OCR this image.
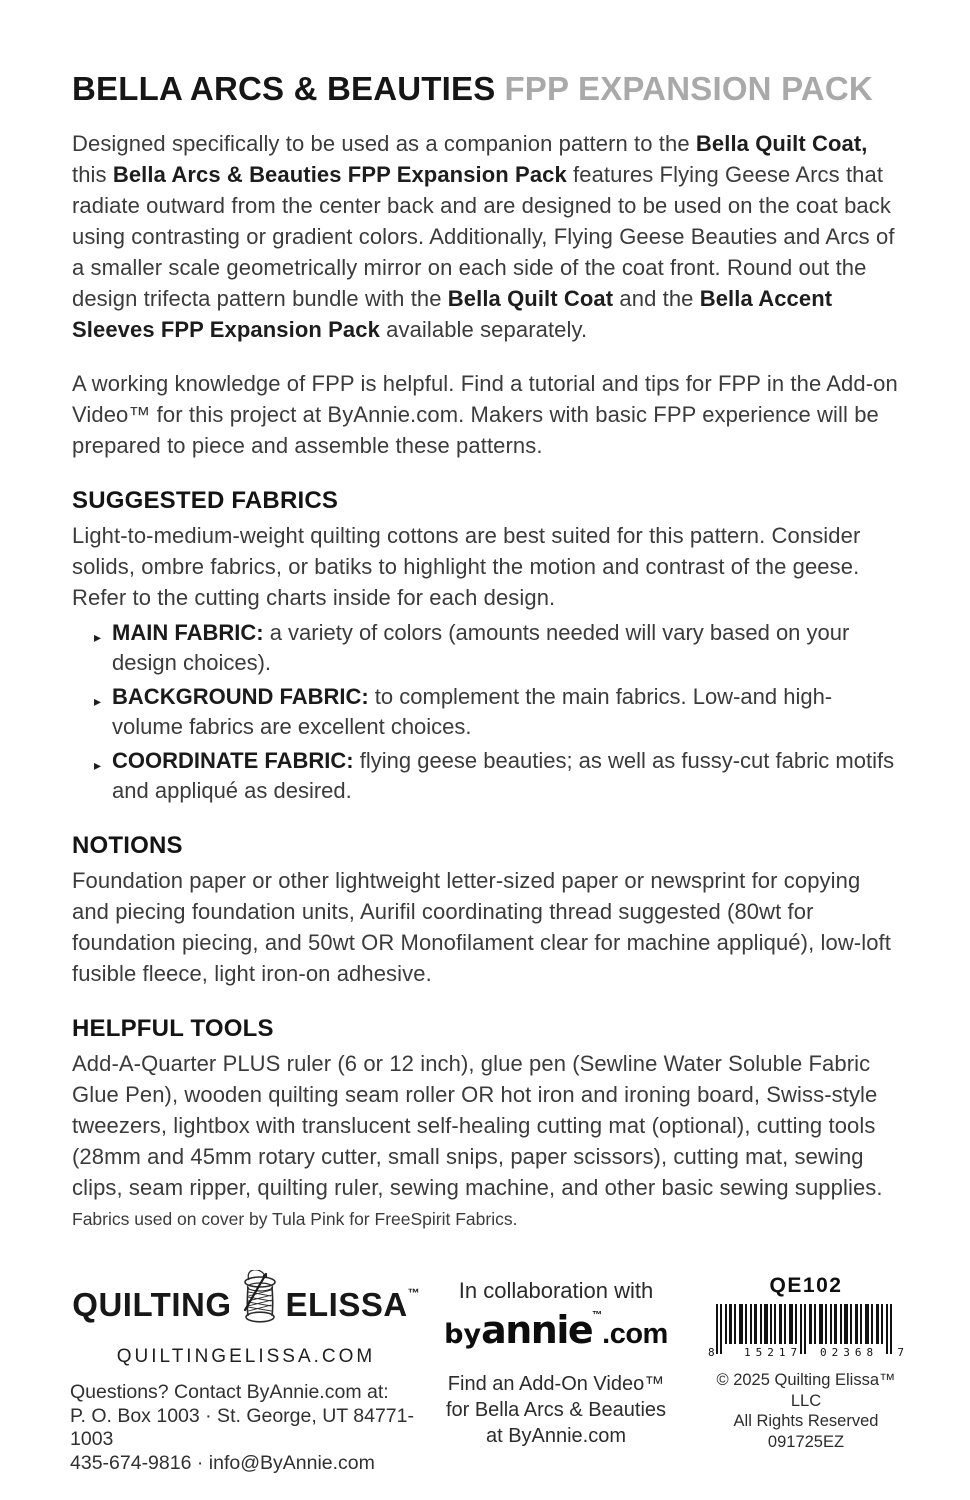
BELLA ARCS & BEAUTIES FPP EXPANSION PACK

Designed specifically to be used as a companion pattern to the Bella Quilt Coat, this Bella Arcs & Beauties FPP Expansion Pack features Flying Geese Arcs that radiate outward from the center back and are designed to be used on the coat back using contrasting or gradient colors. Additionally, Flying Geese Beauties and Arcs of a smaller scale geometrically mirror on each side of the coat front. Round out the design trifecta pattern bundle with the Bella Quilt Coat and the Bella Accent Sleeves FPP Expansion Pack available separately.

A working knowledge of FPP is helpful. Find a tutorial and tips for FPP in the Add-on Video™ for this project at ByAnnie.com. Makers with basic FPP experience will be prepared to piece and assemble these patterns.

SUGGESTED FABRICS

Light-to-medium-weight quilting cottons are best suited for this pattern. Consider solids, ombre fabrics, or batiks to highlight the motion and contrast of the geese. Refer to the cutting charts inside for each design.

▸ MAIN FABRIC: a variety of colors (amounts needed will vary based on your design choices).
▸ BACKGROUND FABRIC: to complement the main fabrics. Low-and high-volume fabrics are excellent choices.
▸ COORDINATE FABRIC: flying geese beauties; as well as fussy-cut fabric motifs and appliqué as desired.
NOTIONS

Foundation paper or other lightweight letter-sized paper or newsprint for copying and piecing foundation units, Aurifil coordinating thread suggested (80wt for foundation piecing, and 50wt OR Monofilament clear for machine appliqué), low-loft fusible fleece, light iron-on adhesive.

HELPFUL TOOLS

Add-A-Quarter PLUS ruler (6 or 12 inch), glue pen (Sewline Water Soluble Fabric Glue Pen), wooden quilting seam roller OR hot iron and ironing board, Swiss-style tweezers, lightbox with translucent self-healing cutting mat (optional), cutting tools (28mm and 45mm rotary cutter, small snips, paper scissors), cutting mat, sewing clips, seam ripper, quilting ruler, sewing machine, and other basic sewing supplies.

Fabrics used on cover by Tula Pink for FreeSpirit Fabrics.

QUILTING ELISSA ™
QUILTINGELISSA.COM
Questions? Contact ByAnnie.com at:
P. O. Box 1003 · St. George, UT 84771-1003
435-674-9816 · info@ByAnnie.com
In collaboration with
byannie™.com
Find an Add-On Video™
for Bella Arcs & Beauties
at ByAnnie.com
QE102
8	15217 02368 7
© 2025 Quilting Elissa™ LLC
All Rights Reserved
091725EZ
